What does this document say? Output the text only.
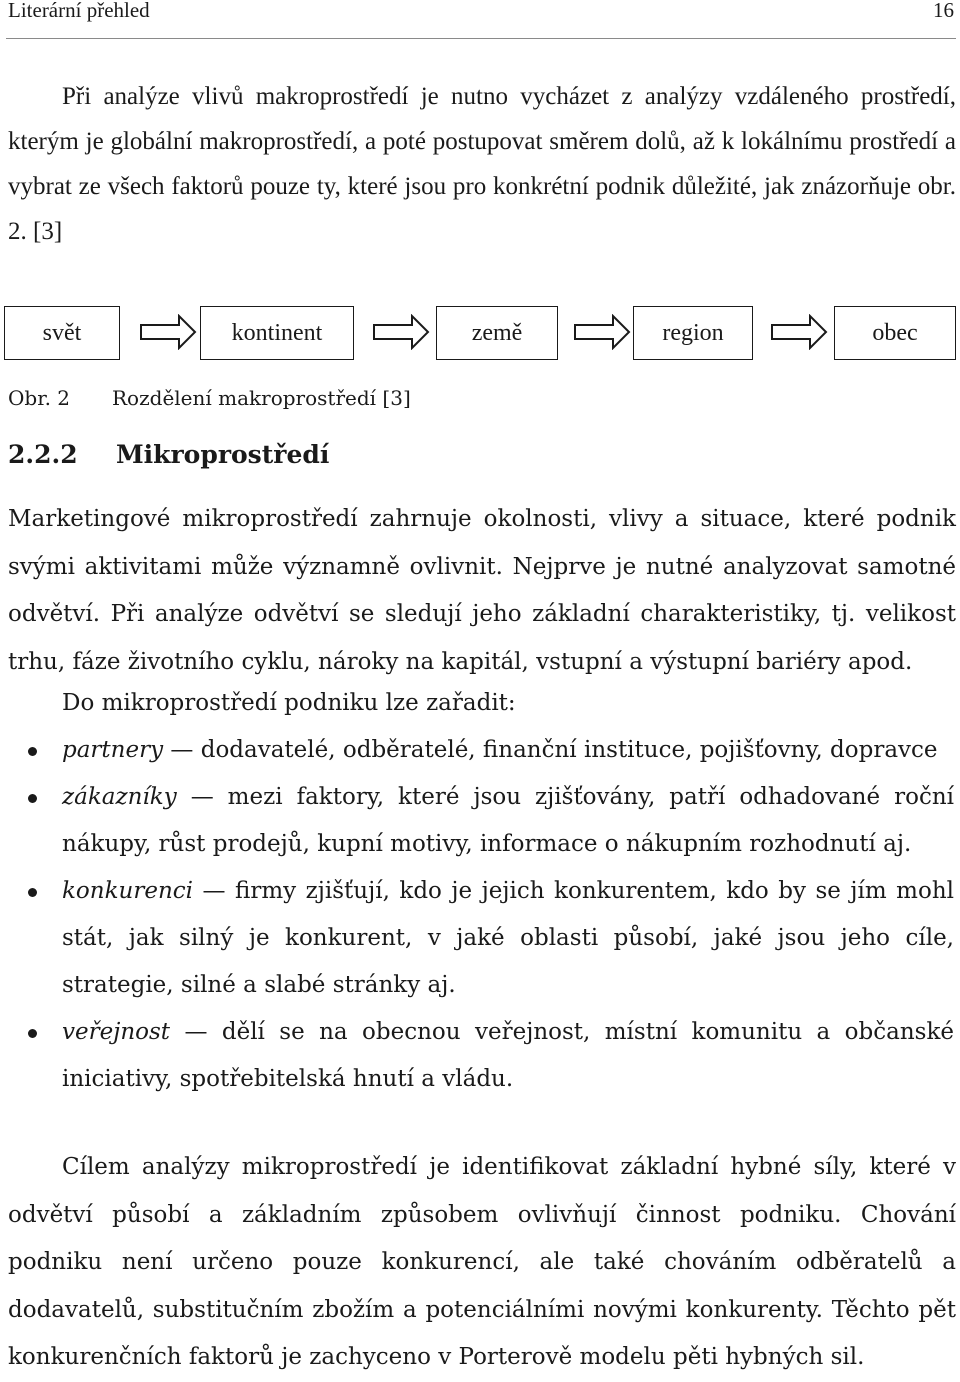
Literární přehled	16

Při analýze vlivů makroprostředí je nutno vycházet z analýzy vzdáleného prostředí, kterým je globální makroprostředí, a poté postupovat směrem dolů, až k lokálnímu prostředí a vybrat ze všech faktorů pouze ty, které jsou pro konkrétní podnik důležité, jak znázorňuje obr. 2. [3]

svět	kontinent	země	region	obec
Obr. 2 Rozdělení makroprostředí [3]
2.2.2 Mikroprostředí

Marketingové mikroprostředí zahrnuje okolnosti, vlivy a situace, které podnik svými aktivitami může významně ovlivnit. Nejprve je nutné analyzovat samotné odvětví. Při analýze odvětví se sledují jeho základní charakteristiky, tj. velikost trhu, fáze životního cyklu, nároky na kapitál, vstupní a výstupní bariéry apod.

Do mikroprostředí podniku lze zařadit:
partnery — dodavatelé, odběratelé, finanční instituce, pojišťovny, dopravce
zákazníky — mezi faktory, které jsou zjišťovány, patří odhadované roční nákupy, růst prodejů, kupní motivy, informace o nákupním rozhodnutí aj.
konkurenci — firmy zjišťují, kdo je jejich konkurentem, kdo by se jím mohl stát, jak silný je konkurent, v jaké oblasti působí, jaké jsou jeho cíle, strategie, silné a slabé stránky aj.
veřejnost — dělí se na obecnou veřejnost, místní komunitu a občanské iniciativy, spotřebitelská hnutí a vládu.

Cílem analýzy mikroprostředí je identifikovat základní hybné síly, které v odvětví působí a základním způsobem ovlivňují činnost podniku. Chování podniku není určeno pouze konkurencí, ale také chováním odběratelů a dodavatelů, substitučním zbožím a potenciálními novými konkurenty. Těchto pět konkurenčních faktorů je zachyceno v Porterově modelu pěti hybných sil.
